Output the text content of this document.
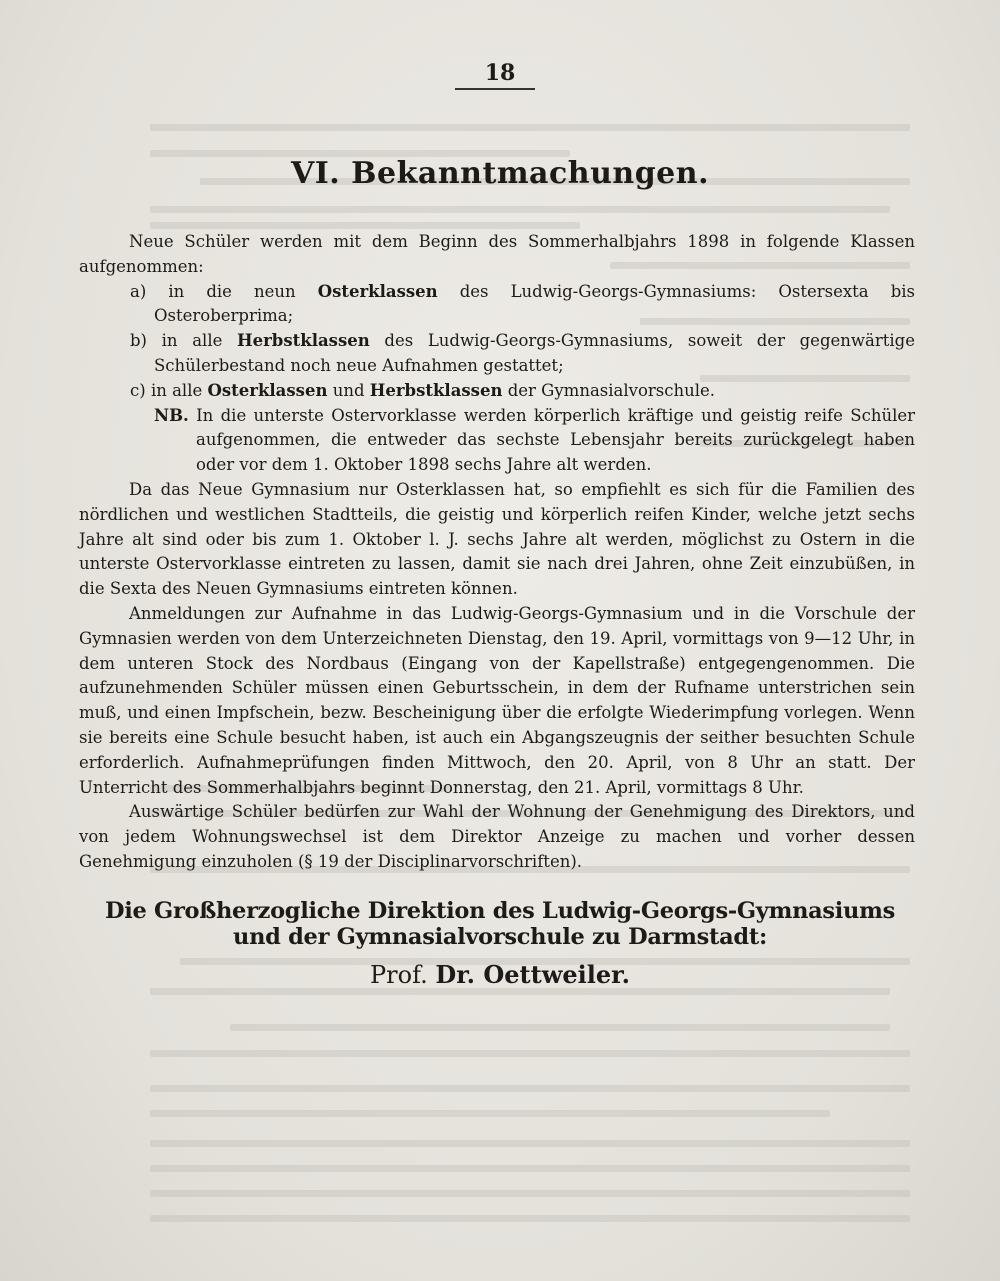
18
VI. Bekanntmachungen.

Neue Schüler werden mit dem Beginn des Sommerhalbjahrs 1898 in folgende Klassen aufgenommen:

a) in die neun Osterklassen des Ludwig-Georgs-Gymnasiums: Ostersexta bis Osteroberprima;

b) in alle Herbstklassen des Ludwig-Georgs-Gymnasiums, soweit der gegenwärtige Schülerbestand noch neue Aufnahmen gestattet;

c) in alle Osterklassen und Herbstklassen der Gymnasialvorschule.

NB. In die unterste Ostervorklasse werden körperlich kräftige und geistig reife Schüler aufgenommen, die entweder das sechste Lebensjahr bereits zurückgelegt haben oder vor dem 1. Oktober 1898 sechs Jahre alt werden.

Da das Neue Gymnasium nur Osterklassen hat, so empfiehlt es sich für die Familien des nördlichen und westlichen Stadtteils, die geistig und körperlich reifen Kinder, welche jetzt sechs Jahre alt sind oder bis zum 1. Oktober l. J. sechs Jahre alt werden, möglichst zu Ostern in die unterste Ostervorklasse eintreten zu lassen, damit sie nach drei Jahren, ohne Zeit einzubüßen, in die Sexta des Neuen Gymnasiums eintreten können.

Anmeldungen zur Aufnahme in das Ludwig-Georgs-Gymnasium und in die Vorschule der Gymnasien werden von dem Unterzeichneten Dienstag, den 19. April, vormittags von 9—12 Uhr, in dem unteren Stock des Nordbaus (Eingang von der Kapellstraße) entgegengenommen. Die aufzunehmenden Schüler müssen einen Geburtsschein, in dem der Rufname unterstrichen sein muß, und einen Impfschein, bezw. Bescheinigung über die erfolgte Wiederimpfung vorlegen. Wenn sie bereits eine Schule besucht haben, ist auch ein Abgangszeugnis der seither besuchten Schule erforderlich. Aufnahmeprüfungen finden Mittwoch, den 20. April, von 8 Uhr an statt. Der Unterricht des Sommerhalbjahrs beginnt Donnerstag, den 21. April, vormittags 8 Uhr.

Auswärtige Schüler bedürfen zur Wahl der Wohnung der Genehmigung des Direktors, und von jedem Wohnungswechsel ist dem Direktor Anzeige zu machen und vorher dessen Genehmigung einzuholen (§ 19 der Disciplinarvorschriften).

Die Großherzogliche Direktion des Ludwig-Georgs-Gymnasiums und der Gymnasialvorschule zu Darmstadt:
Prof. Dr. Oettweiler.
